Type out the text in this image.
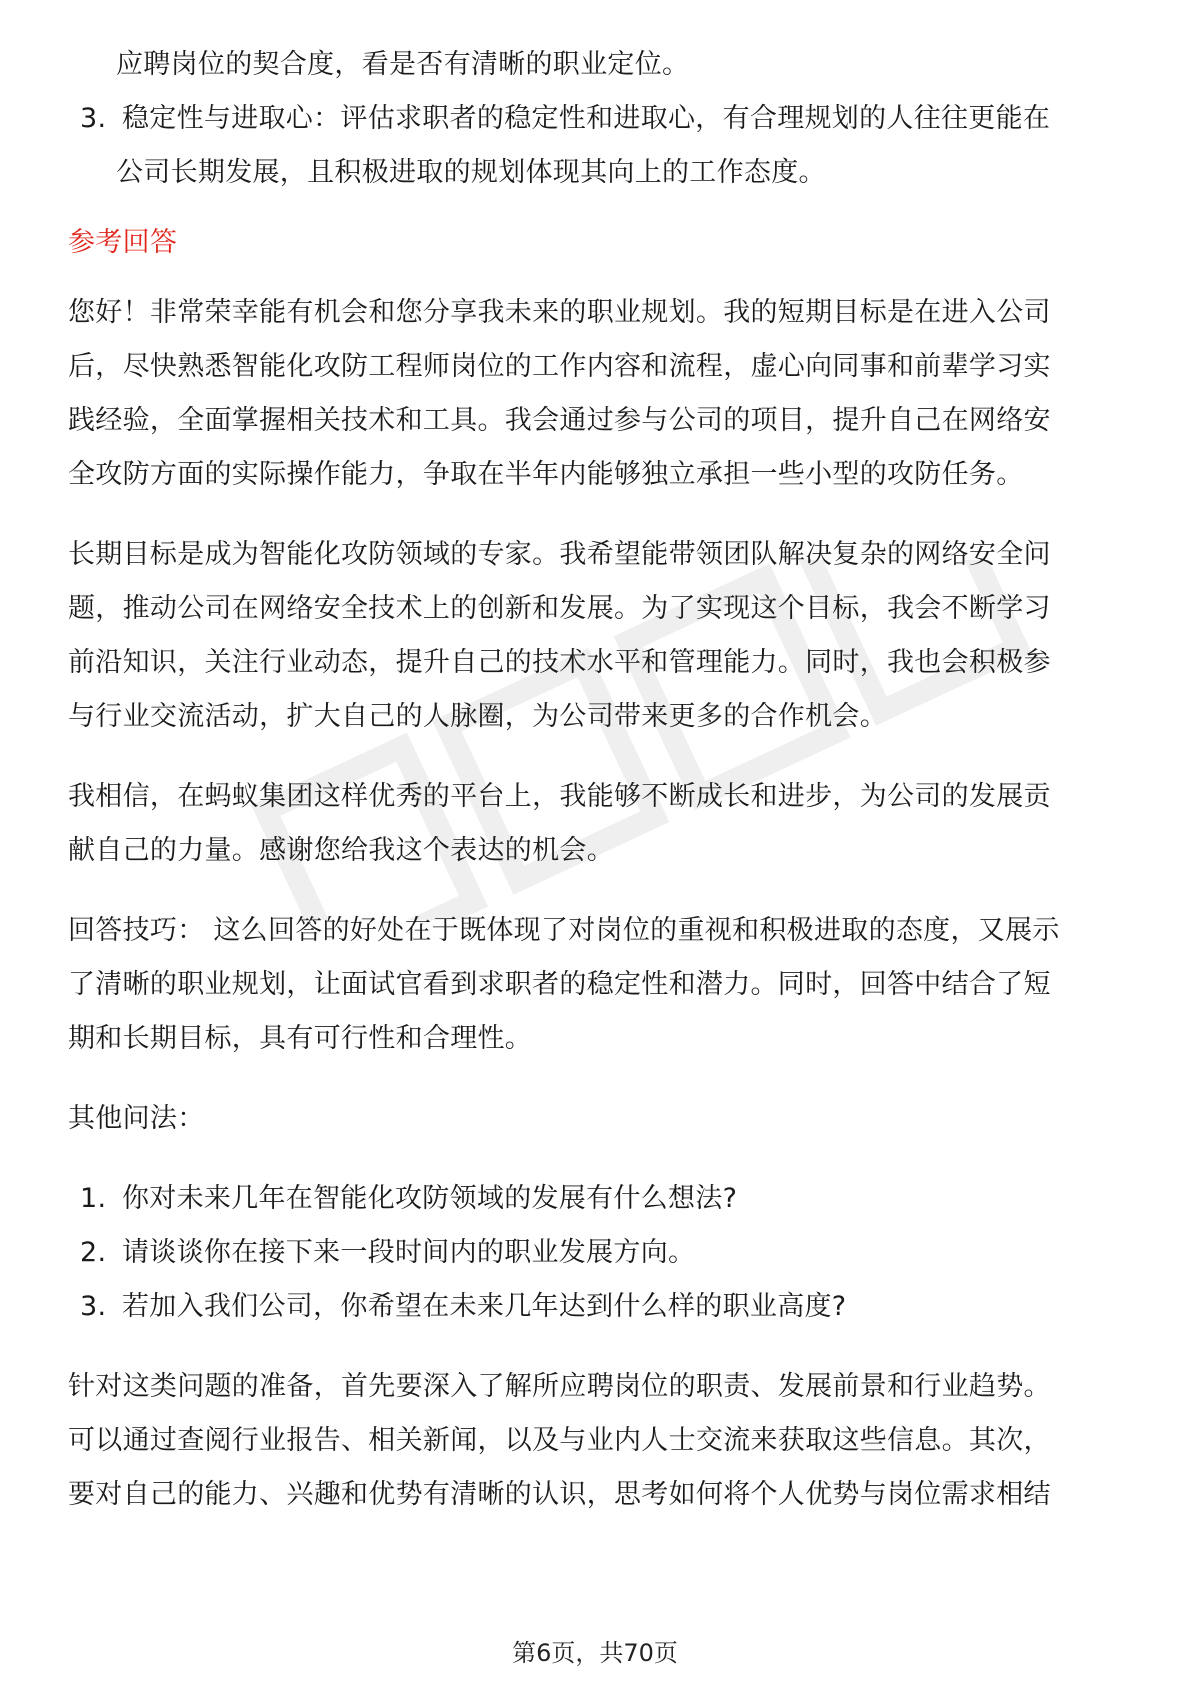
应聘岗位的契合度，看是否有清晰的职业定位。
3. 稳定性与进取心：评估求职者的稳定性和进取心，有合理规划的人往往更能在
公司长期发展，且积极进取的规划体现其向上的工作态度。
参考回答
您好！非常荣幸能有机会和您分享我未来的职业规划。我的短期目标是在进入公司
后，尽快熟悉智能化攻防工程师岗位的工作内容和流程，虚心向同事和前辈学习实
践经验，全面掌握相关技术和工具。我会通过参与公司的项目，提升自己在网络安
全攻防方面的实际操作能力，争取在半年内能够独立承担一些小型的攻防任务。
长期目标是成为智能化攻防领域的专家。我希望能带领团队解决复杂的网络安全问
题，推动公司在网络安全技术上的创新和发展。为了实现这个目标，我会不断学习
前沿知识，关注行业动态，提升自己的技术水平和管理能力。同时，我也会积极参
与行业交流活动，扩大自己的人脉圈，为公司带来更多的合作机会。
我相信，在蚂蚁集团这样优秀的平台上，我能够不断成长和进步，为公司的发展贡
献自己的力量。感谢您给我这个表达的机会。
回答技巧： 这么回答的好处在于既体现了对岗位的重视和积极进取的态度，又展示
了清晰的职业规划，让面试官看到求职者的稳定性和潜力。同时，回答中结合了短
期和长期目标，具有可行性和合理性。
其他问法：
1. 你对未来几年在智能化攻防领域的发展有什么想法?
2. 请谈谈你在接下来一段时间内的职业发展方向。
3. 若加入我们公司，你希望在未来几年达到什么样的职业高度?
针对这类问题的准备，首先要深入了解所应聘岗位的职责、发展前景和行业趋势。
可以通过查阅行业报告、相关新闻，以及与业内人士交流来获取这些信息。其次，
要对自己的能力、兴趣和优势有清晰的认识，思考如何将个人优势与岗位需求相结
第6页，共70页
